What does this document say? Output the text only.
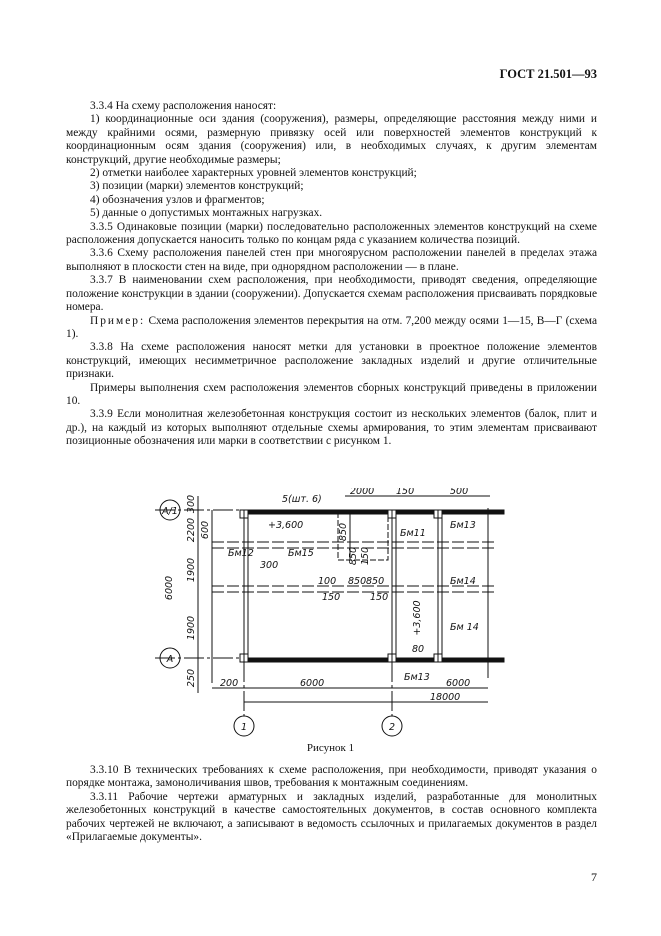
ГОСТ 21.501—93

3.3.4 На схему расположения наносят:

1) координационные оси здания (сооружения), размеры, определяющие расстояния между ними и между крайними осями, размерную привязку осей или поверхностей элементов конструкций к координационным осям здания (сооружения) или, в необходимых случаях, к другим элементам конструкций, другие необходимые размеры;

2) отметки наиболее характерных уровней элементов конструкций;

3) позиции (марки) элементов конструкций;

4) обозначения узлов и фрагментов;

5) данные о допустимых монтажных нагрузках.

3.3.5 Одинаковые позиции (марки) последовательно расположенных элементов конструкций на схеме расположения допускается наносить только по концам ряда с указанием количества позиций.

3.3.6 Схему расположения панелей стен при многоярусном расположении панелей в пределах этажа выполняют в плоскости стен на виде, при однорядном расположении — в плане.

3.3.7 В наименовании схем расположения, при необходимости, приводят сведения, определяющие положение конструкции в здании (сооружении). Допускается схемам расположения присваивать порядковые номера.

Пример: Схема расположения элементов перекрытия на отм. 7,200 между осями 1—15, В—Г (схема 1).

3.3.8 На схеме расположения наносят метки для установки в проектное положение элементов конструкций, имеющих несимметричное расположение закладных изделий и другие отличительные признаки.

Примеры выполнения схем расположения элементов сборных конструкций приведены в приложении 10.

3.3.9 Если монолитная железобетонная конструкция состоит из нескольких элементов (балок, плит и др.), на каждый из которых выполняют отдельные схемы армирования, то этим элементам присваивают позиционные обозначения или марки в соответствии с рисунком 1.

А/1
А
1	2
5(шт. 6)
2000 150	500
300
2200
1900
1900
250
6000
600	+3,600
+3,600
Бм12	Бм15
Бм11
Бм13
Бм14
Бм 14
Бм13
300
100 850 850
150	150
850
850 150
80
200	6000	6000
18000
Рисунок 1

3.3.10 В технических требованиях к схеме расположения, при необходимости, приводят указания о порядке монтажа, замоноличивания швов, требования к монтажным соединениям.

3.3.11 Рабочие чертежи арматурных и закладных изделий, разработанные для монолитных железобетонных конструкций в качестве самостоятельных документов, в состав основного комплекта рабочих чертежей не включают, а записывают в ведомость ссылочных и прилагаемых документов в раздел «Прилагаемые документы».

7
